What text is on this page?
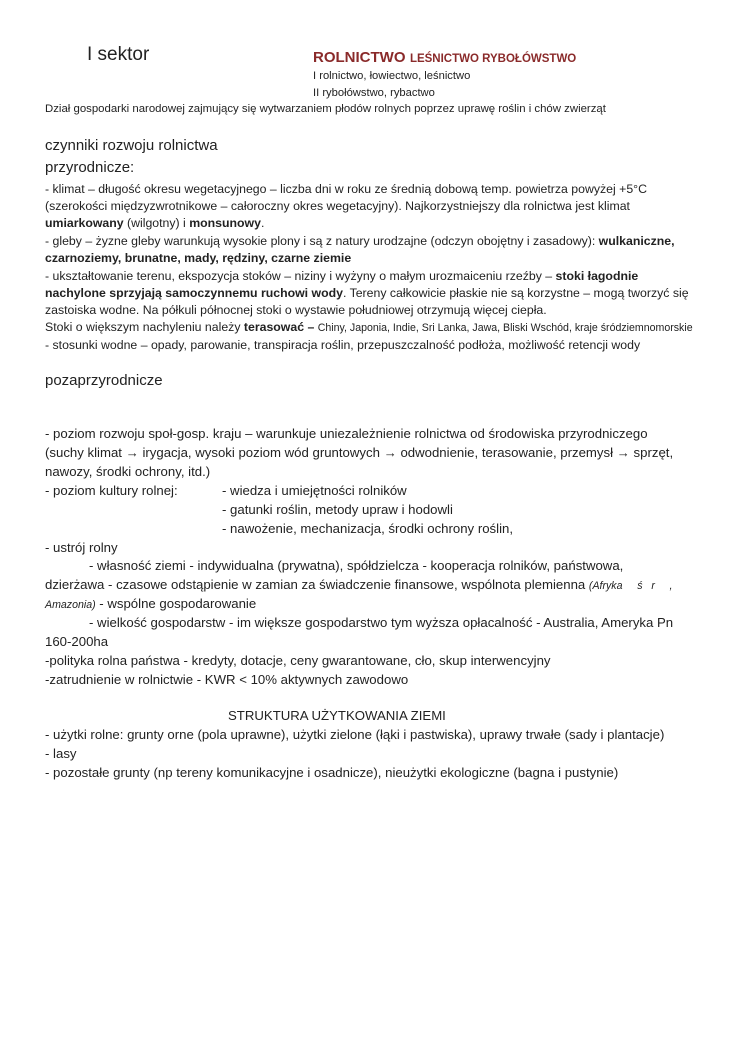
I sektor	ROLNICTWO LEŚNICTWO RYBOŁÓWSTWO
I rolnictwo, łowiectwo, leśnictwo
II rybołówstwo, rybactwo
Dział gospodarki narodowej zajmujący się wytwarzaniem płodów rolnych poprzez uprawę roślin i chów zwierząt
czynniki rozwoju rolnictwa
przyrodnicze:
- klimat – długość okresu wegetacyjnego – liczba dni w roku ze średnią dobową temp. powietrza powyżej +5°C
(szerokości międzyzwrotnikowe – całoroczny okres wegetacyjny). Najkorzystniejszy dla rolnictwa jest klimat
umiarkowany (wilgotny) i monsunowy.
- gleby – żyzne gleby warunkują wysokie plony i są z natury urodzajne (odczyn obojętny i zasadowy): wulkaniczne,
czarnoziemy, brunatne, mady, rędziny, czarne ziemie
- ukształtowanie terenu, ekspozycja stoków – niziny i wyżyny o małym urozmaiceniu rzeźby – stoki łagodnie
nachylone sprzyjają samoczynnemu ruchowi wody. Tereny całkowicie płaskie nie są korzystne – mogą tworzyć się
zastoiska wodne. Na półkuli północnej stoki o wystawie południowej otrzymują więcej ciepła.
Stoki o większym nachyleniu należy terasować – Chiny, Japonia, Indie, Sri Lanka, Jawa, Bliski Wschód, kraje śródziemnomorskie
- stosunki wodne – opady, parowanie, transpiracja roślin, przepuszczalność podłoża, możliwość retencji wody
pozaprzyrodnicze
- poziom rozwoju społ-gosp. kraju – warunkuje uniezależnienie rolnictwa od środowiska przyrodniczego
(suchy klimat → irygacja, wysoki poziom wód gruntowych → odwodnienie, terasowanie, przemysł → sprzęt,
nawozy, środki ochrony, itd.)
- poziom kultury rolnej:	- wiedza i umiejętności rolników
- gatunki roślin, metody upraw i hodowli
- nawożenie, mechanizacja, środki ochrony roślin,
- ustrój rolny
- własność ziemi - indywidualna (prywatna), spółdzielcza - kooperacja rolników, państwowa,
dzierżawa - czasowe odstąpienie w zamian za świadczenie finansowe, wspólnota plemienna (Afryka     ś   r     ,
Amazonia) - wspólne gospodarowanie
- wielkość gospodarstw - im większe gospodarstwo tym wyższa opłacalność - Australia, Ameryka Pn
160-200ha
-polityka rolna państwa - kredyty, dotacje, ceny gwarantowane, cło, skup interwencyjny
-zatrudnienie w rolnictwie - KWR < 10% aktywnych zawodowo
STRUKTURA UŻYTKOWANIA ZIEMI
- użytki rolne: grunty orne (pola uprawne), użytki zielone (łąki i pastwiska), uprawy trwałe (sady i plantacje)
- lasy
- pozostałe grunty (np tereny komunikacyjne i osadnicze), nieużytki ekologiczne (bagna i pustynie)
